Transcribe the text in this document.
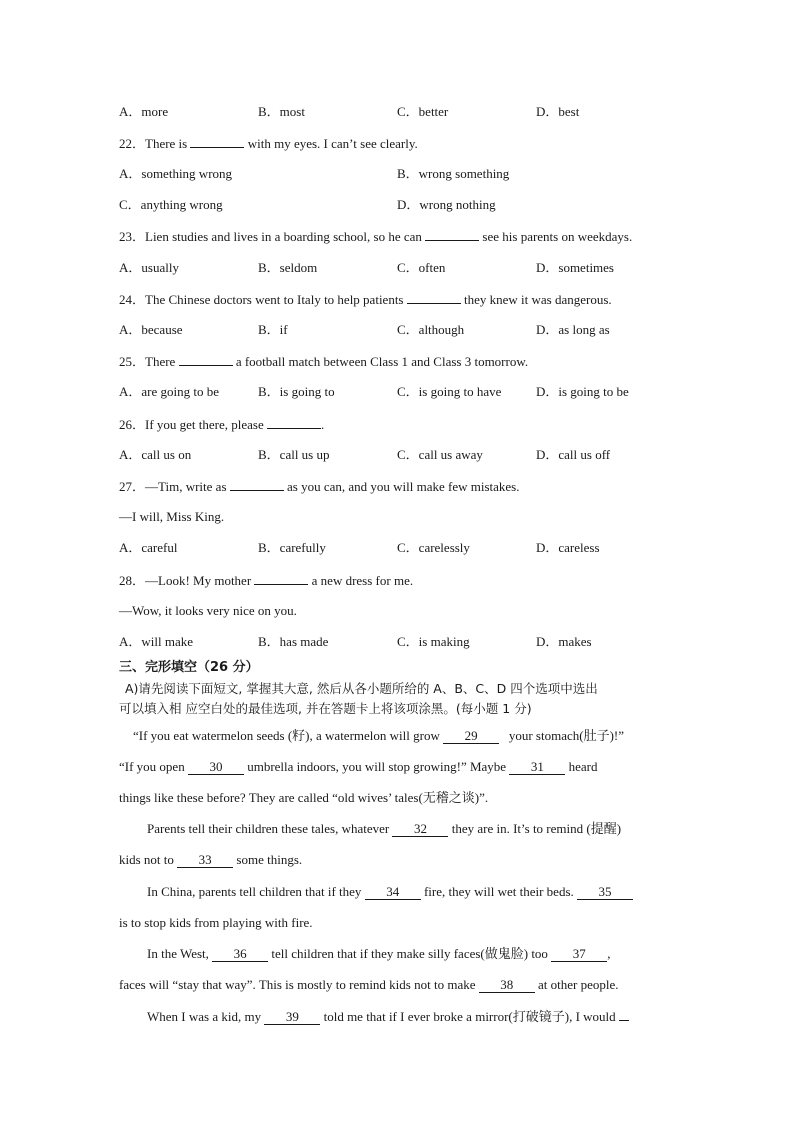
A．more	B．most	C．better	D．best
22．There is	with my eyes. I can’t see clearly.
A．something wrong	B．wrong something
C．anything wrong	D．wrong nothing
23．Lien studies and lives in a boarding school, so he can	see his parents on weekdays.
A．usually	B．seldom	C．often	D．sometimes
24．The Chinese doctors went to Italy to help patients	they knew it was dangerous.
A．because	B．if	C．although	D．as long as
25．There	a football match between Class 1 and Class 3 tomorrow.
A．are going to be	B．is going to	C．is going to have	D．is going to be
26．If you get there, please	.
A．call us on	B．call us up	C．call us away	D．call us off
27．—Tim, write as	as you can, and you will make few mistakes.
—I will, Miss King.
A．careful	B．carefully	C．carelessly	D．careless
28．—Look! My mother	a new dress for me.
—Wow, it looks very nice on you.
A．will make	B．has made	C．is making	D．makes
三、完形填空（26 分）
A)请先阅读下面短文, 掌握其大意, 然后从各小题所给的 A、B、C、D 四个选项中选出
可以填入相 应空白处的最佳选项, 并在答题卡上将该项涂黑。(每小题 1 分)
“If you eat watermelon seeds (籽), a watermelon will grow 29 your stomach(肚子)!”
“If you open 30 umbrella indoors, you will stop growing!” Maybe 31 heard
things like these before? They are called “old wives’ tales(无稽之谈)”.
Parents tell their children these tales, whatever 32 they are in. It’s to remind (提醒)
kids not to 33 some things.
In China, parents tell children that if they 34 fire, they will wet their beds. 35
is to stop kids from playing with fire.
In the West, 36 tell children that if they make silly faces(做鬼脸) too 37 ,
faces will “stay that way”. This is mostly to remind kids not to make 38 at other people.
When I was a kid, my 39 told me that if I ever broke a mirror(打破镜子), I would
